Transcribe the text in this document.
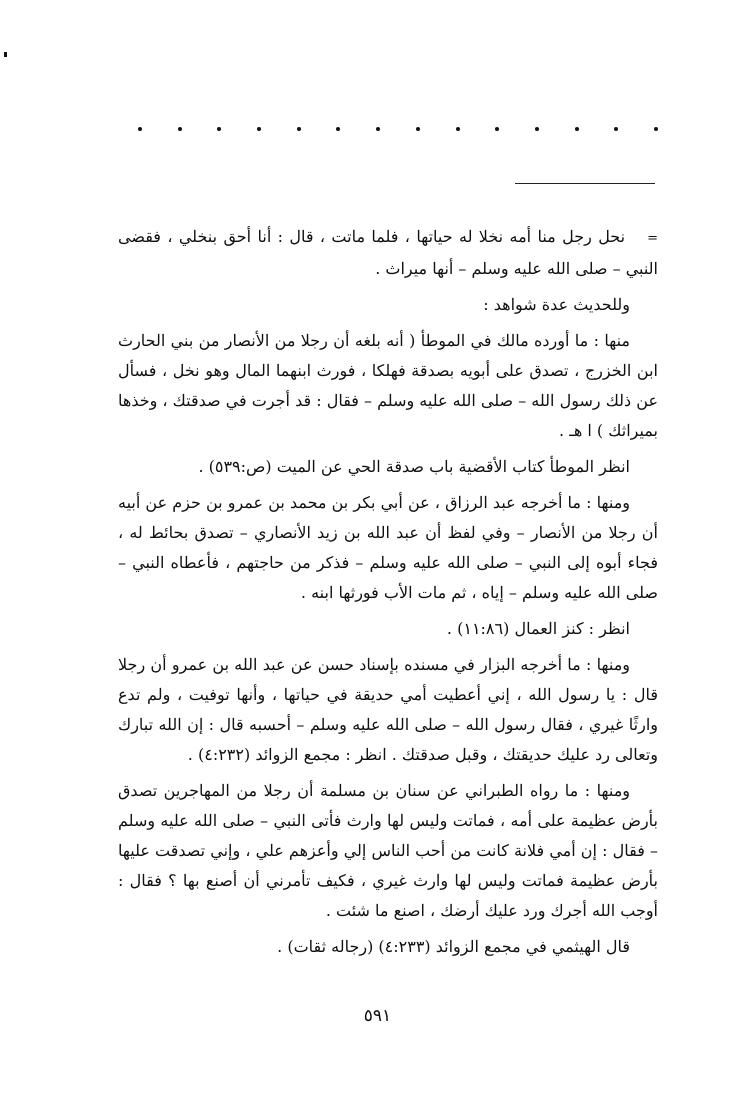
=نحل رجل منا أمه نخلا له حياتها ، فلما ماتت ، قال : أنا أحق بنخلي ، فقضى النبي – صلى الله عليه وسلم – أنها ميراث .

وللحديث عدة شواهد :

منها : ما أورده مالك في الموطأ ( أنه بلغه أن رجلا من الأنصار من بني الحارث ابن الخزرج ، تصدق على أبويه بصدقة فهلكا ، فورث ابنهما المال وهو نخل ، فسأل عن ذلك رسول الله – صلى الله عليه وسلم – فقال : قد أجرت في صدقتك ، وخذها بميراثك ) ا هـ .

انظر الموطأ كتاب الأقضية باب صدقة الحي عن الميت (ص:٥٣٩) .

ومنها : ما أخرجه عبد الرزاق ، عن أبي بكر بن محمد بن عمرو بن حزم عن أبيه أن رجلا من الأنصار – وفي لفظ أن عبد الله بن زيد الأنصاري – تصدق بحائط له ، فجاء أبوه إلى النبي – صلى الله عليه وسلم – فذكر من حاجتهم ، فأعطاه النبي – صلى الله عليه وسلم – إياه ، ثم مات الأب فورثها ابنه .

انظر : كنز العمال (١١:٨٦) .

ومنها : ما أخرجه البزار في مسنده بإسناد حسن عن عبد الله بن عمرو أن رجلا قال : يا رسول الله ، إني أعطيت أمي حديقة في حياتها ، وأنها توفيت ، ولم تدع وارثًا غيري ، فقال رسول الله – صلى الله عليه وسلم – أحسبه قال : إن الله تبارك وتعالى رد عليك حديقتك ، وقبل صدقتك . انظر : مجمع الزوائد (٤:٢٣٢) .

ومنها : ما رواه الطبراني عن سنان بن مسلمة أن رجلا من المهاجرين تصدق بأرض عظيمة على أمه ، فماتت وليس لها وارث فأتى النبي – صلى الله عليه وسلم – فقال : إن أمي فلانة كانت من أحب الناس إلي وأعزهم علي ، وإني تصدقت عليها بأرض عظيمة فماتت وليس لها وارث غيري ، فكيف تأمرني أن أصنع بها ؟ فقال : أوجب الله أجرك ورد عليك أرضك ، اصنع ما شئت .

قال الهيثمي في مجمع الزوائد (٤:٢٣٣) (رجاله ثقات) .

٥٩١
